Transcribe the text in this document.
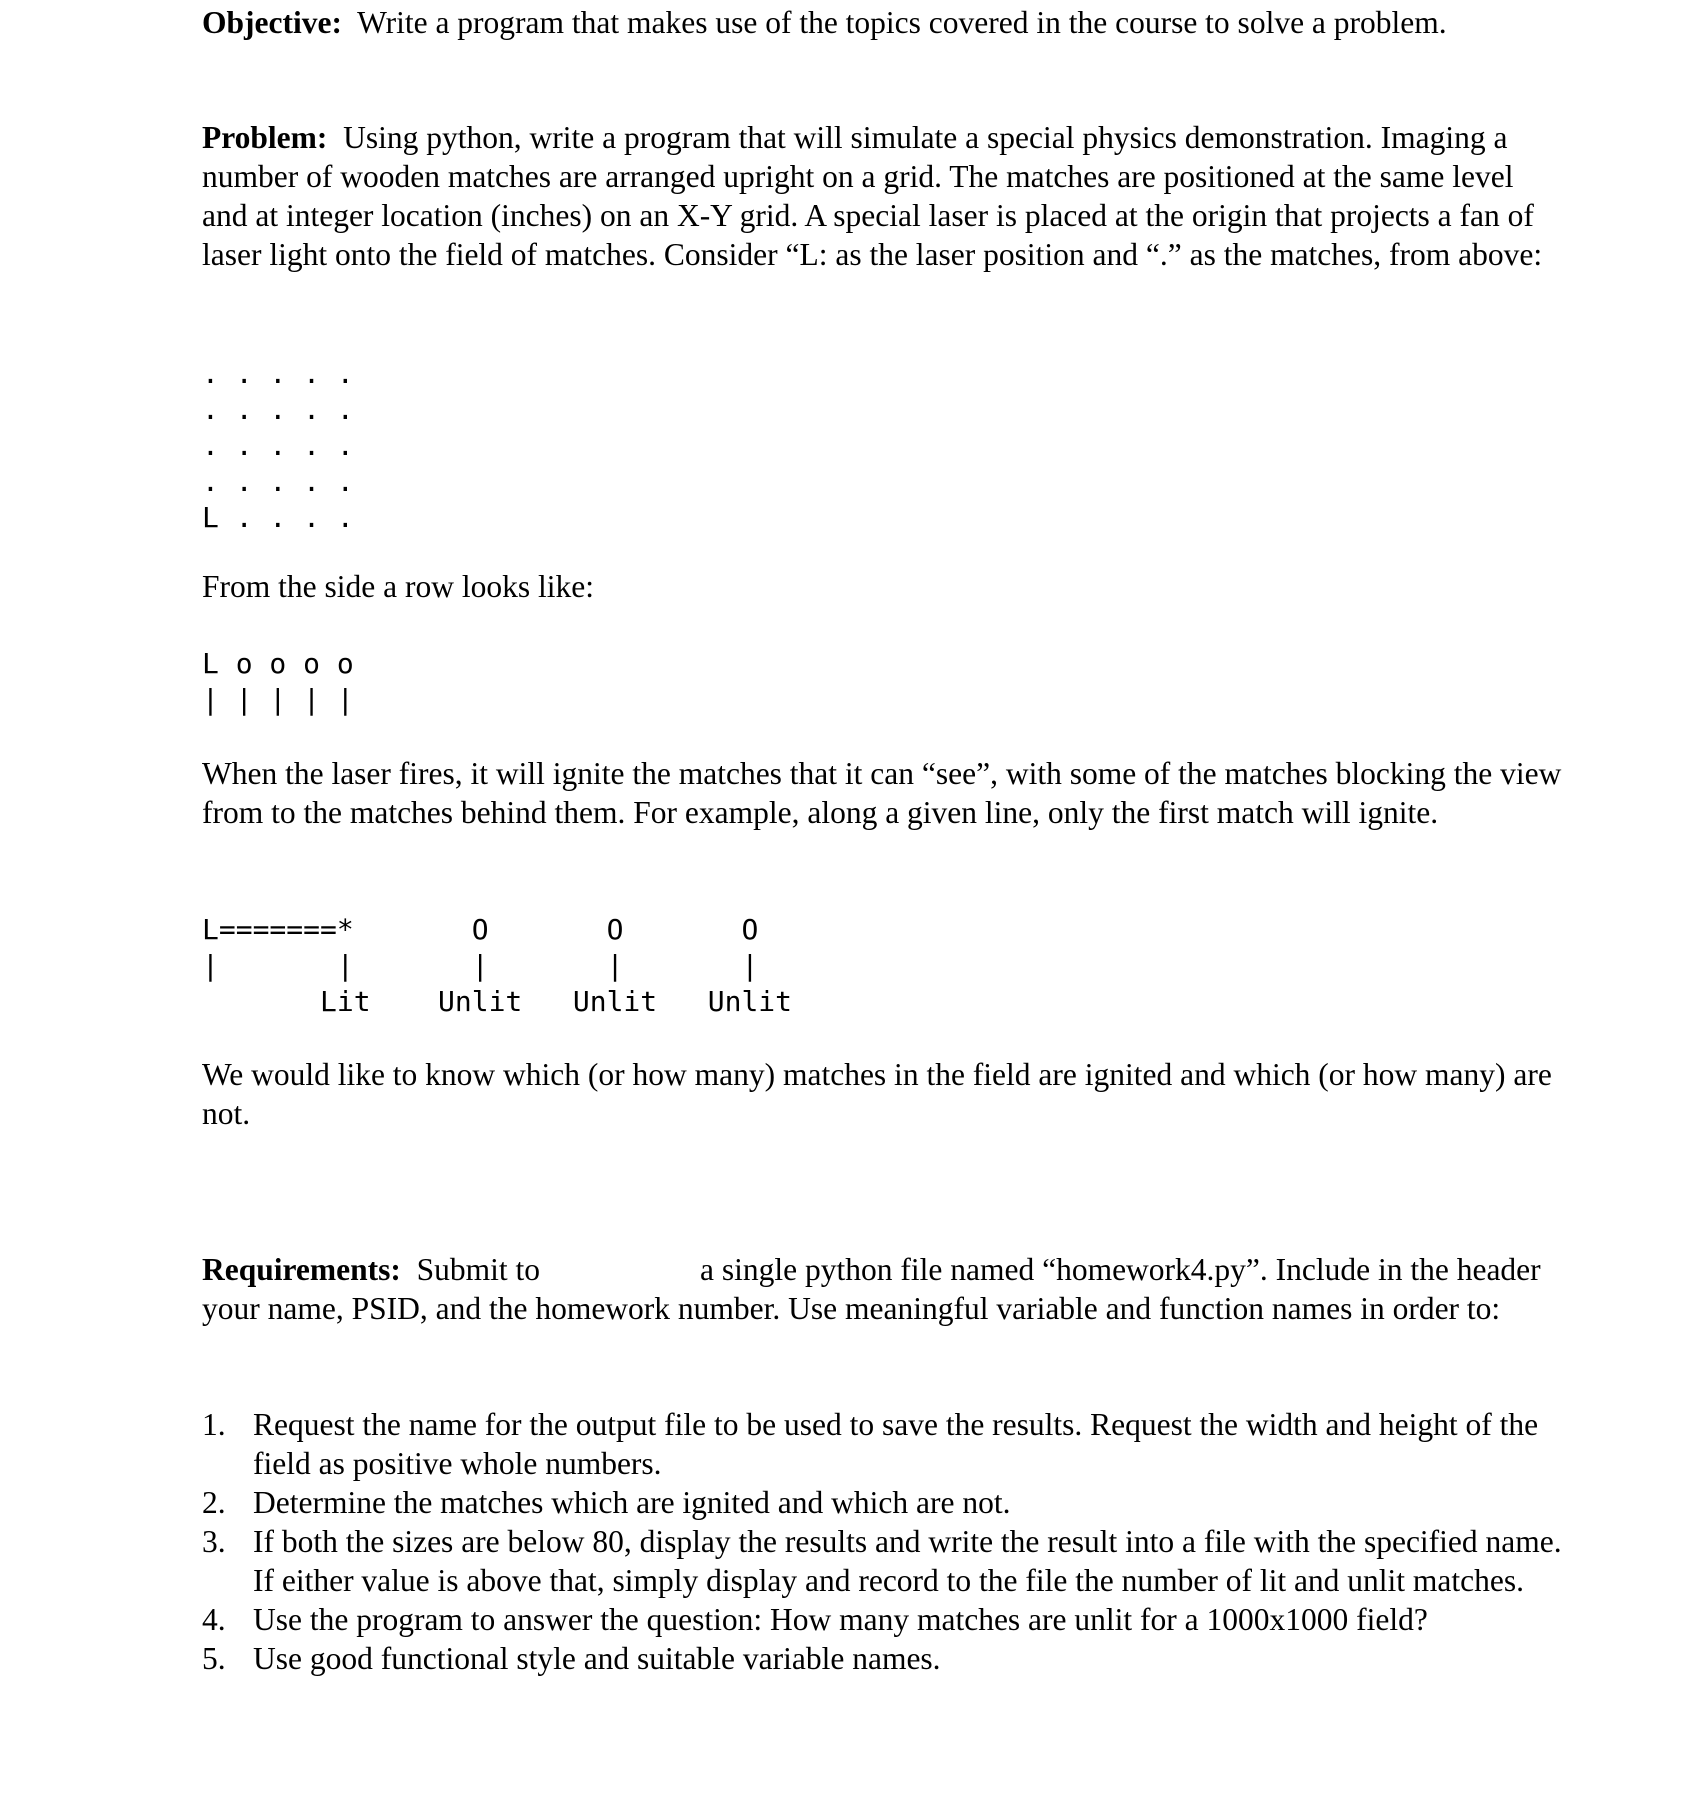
Objective: Write a program that makes use of the topics covered in the course to solve a problem.

Problem: Using python, write a program that will simulate a special physics demonstration. Imaging a number of wooden matches are arranged upright on a grid. The matches are positioned at the same level and at integer location (inches) on an X-Y grid. A special laser is placed at the origin that projects a fan of laser light onto the field of matches. Consider “L: as the laser position and “.” as the matches, from above:

. . . . .
. . . . .
. . . . .
. . . . .
L . . . .

From the side a row looks like:

L o o o o
| | | | |

When the laser fires, it will ignite the matches that it can “see”, with some of the matches blocking the view from to the matches behind them. For example, along a given line, only the first match will ignite.

L=======*       O       O       O
|       |       |       |       |
Lit    Unlit   Unlit   Unlit

We would like to know which (or how many) matches in the field are ignited and which (or how many) are not.

Requirements: Submit to	a single python file named “homework4.py”. Include in the header your name, PSID, and the homework number. Use meaningful variable and function names in order to:

1. Request the name for the output file to be used to save the results. Request the width and height of the field as positive whole numbers.
2. Determine the matches which are ignited and which are not.
3. If both the sizes are below 80, display the results and write the result into a file with the specified name. If either value is above that, simply display and record to the file the number of lit and unlit matches.
4. Use the program to answer the question: How many matches are unlit for a 1000x1000 field?
5. Use good functional style and suitable variable names.
